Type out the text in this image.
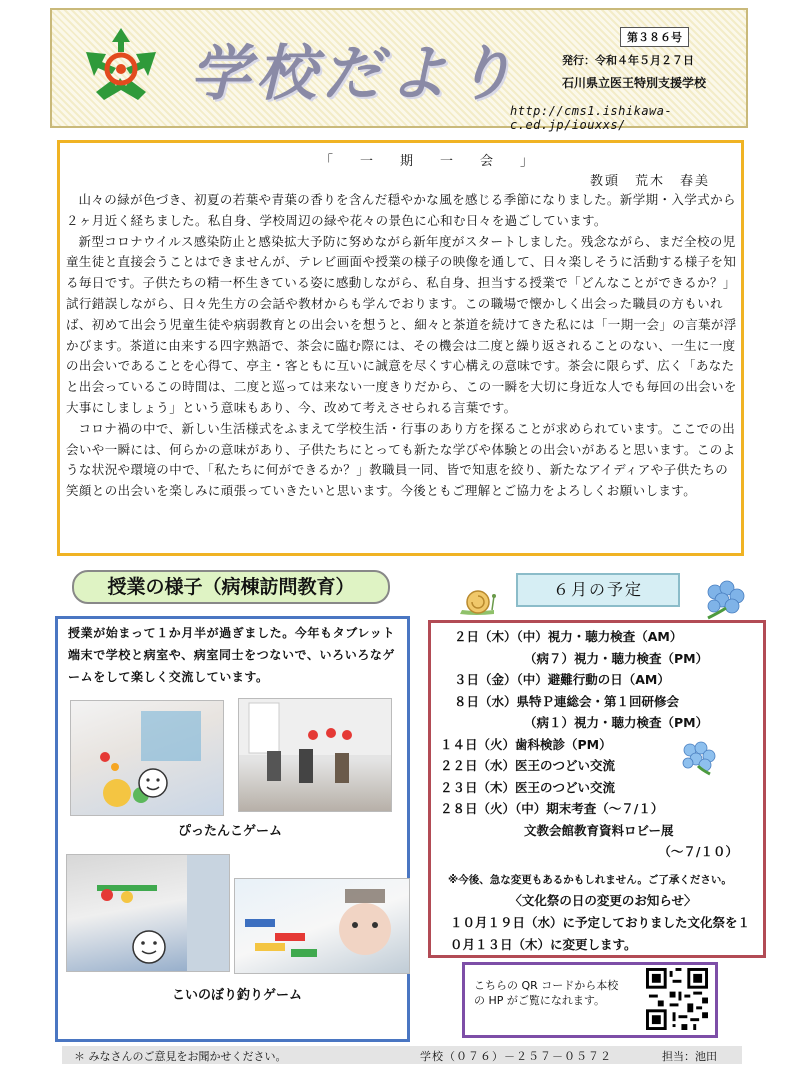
学校だより
第３８６号
発行：令和４年５月２７日
石川県立医王特別支援学校
http://cms1.ishikawa-c.ed.jp/iouxxs/
「　一　期　一　会　」
教頭　荒木　春美

山々の緑が色づき、初夏の若葉や青葉の香りを含んだ穏やかな風を感じる季節になりました。新学期・入学式から２ヶ月近く経ちました。私自身、学校周辺の緑や花々の景色に心和む日々を過ごしています。

新型コロナウイルス感染防止と感染拡大予防に努めながら新年度がスタートしました。残念ながら、まだ全校の児童生徒と直接会うことはできませんが、テレビ画面や授業の様子の映像を通して、日々楽しそうに活動する様子を知る毎日です。子供たちの精一杯生きている姿に感動しながら、私自身、担当する授業で「どんなことができるか？」試行錯誤しながら、日々先生方の会話や教材からも学んでおります。この職場で懐かしく出会った職員の方もいれば、初めて出会う児童生徒や病弱教育との出会いを想うと、細々と茶道を続けてきた私には「一期一会」の言葉が浮かびます。茶道に由来する四字熟語で、茶会に臨む際には、その機会は二度と繰り返されることのない、一生に一度の出会いであることを心得て、亭主・客ともに互いに誠意を尽くす心構えの意味です。茶会に限らず、広く「あなたと出会っているこの時間は、二度と巡っては来ない一度きりだから、この一瞬を大切に身近な人でも毎回の出会いを大事にしましょう」という意味もあり、今、改めて考えさせられる言葉です。

コロナ禍の中で、新しい生活様式をふまえて学校生活・行事のあり方を探ることが求められています。ここでの出会いや一瞬には、何らかの意味があり、子供たちにとっても新たな学びや体験との出会いがあると思います。このような状況や環境の中で、「私たちに何ができるか？」教職員一同、皆で知恵を絞り、新たなアイディアや子供たちの笑顔との出会いを楽しみに頑張っていきたいと思います。今後ともご理解とご協力をよろしくお願いします。

授業の様子（病棟訪問教育）
授業が始まって１か月半が過ぎました。今年もタブレット端末で学校と病室や、病室同士をつないで、いろいろなゲームをして楽しく交流しています。
ぴったんこゲーム
こいのぼり釣りゲーム
６月の予定
２日（木）（中）視力・聴力検査（AM）
（病７）視力・聴力検査（PM）
３日（金）（中）避難行動の日（AM）
８日（水）県特Ｐ連総会・第１回研修会
（病１）視力・聴力検査（PM）
１４日（火）歯科検診（PM）
２２日（水）医王のつどい交流
２３日（木）医王のつどい交流
２８日（火）（中）期末考査（～７/１）
文教会館教育資料ロビー展
（～７/１０）
※今後、急な変更もあるかもしれません。ご了承ください。
〈文化祭の日の変更のお知らせ〉
１０月１９日（水）に予定しておりました文化祭を１０月１３日（木）に変更します。
こちらの QR コードから本校の HP がご覧になれます。
＊ みなさんのご意見をお聞かせください。	学校（０７６）－２５７－０５７２	担当：池田
